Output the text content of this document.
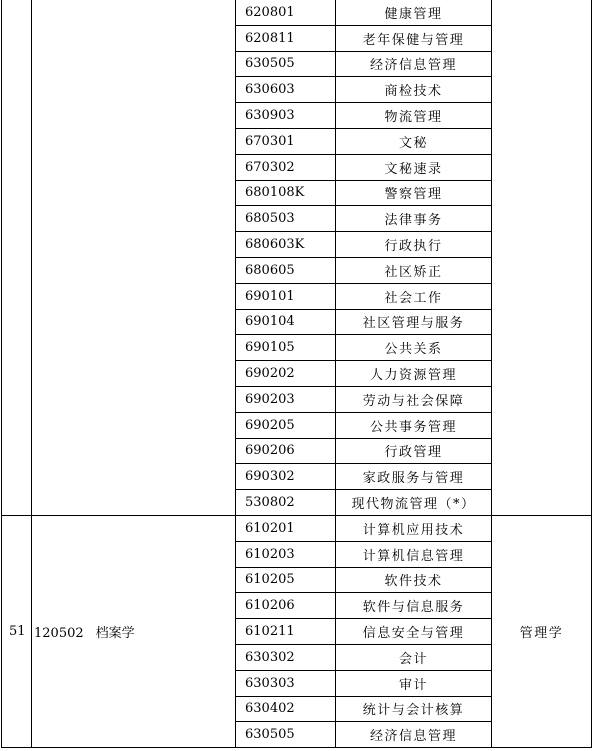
		620801	健康管理	
		620811	老年保健与管理	
		630505	经济信息管理	
		630603	商检技术	
		630903	物流管理	
		670301	文秘	
		670302	文秘速录	
		680108K	警察管理	
		680503	法律事务	
		680603K	行政执行	
		680605	社区矫正	
		690101	社会工作	
		690104	社区管理与服务	
		690105	公共关系	
		690202	人力资源管理	
		690203	劳动与社会保障	
		690205	公共事务管理	
		690206	行政管理	
		690302	家政服务与管理	
		530802	现代物流管理（*）	
51	120502 档案学	610201	计算机应用技术	管理学
		610203	计算机信息管理	
		610205	软件技术	
		610206	软件与信息服务	
		610211	信息安全与管理	
		630302	会计	
		630303	审计	
		630402	统计与会计核算	
		630505	经济信息管理	
